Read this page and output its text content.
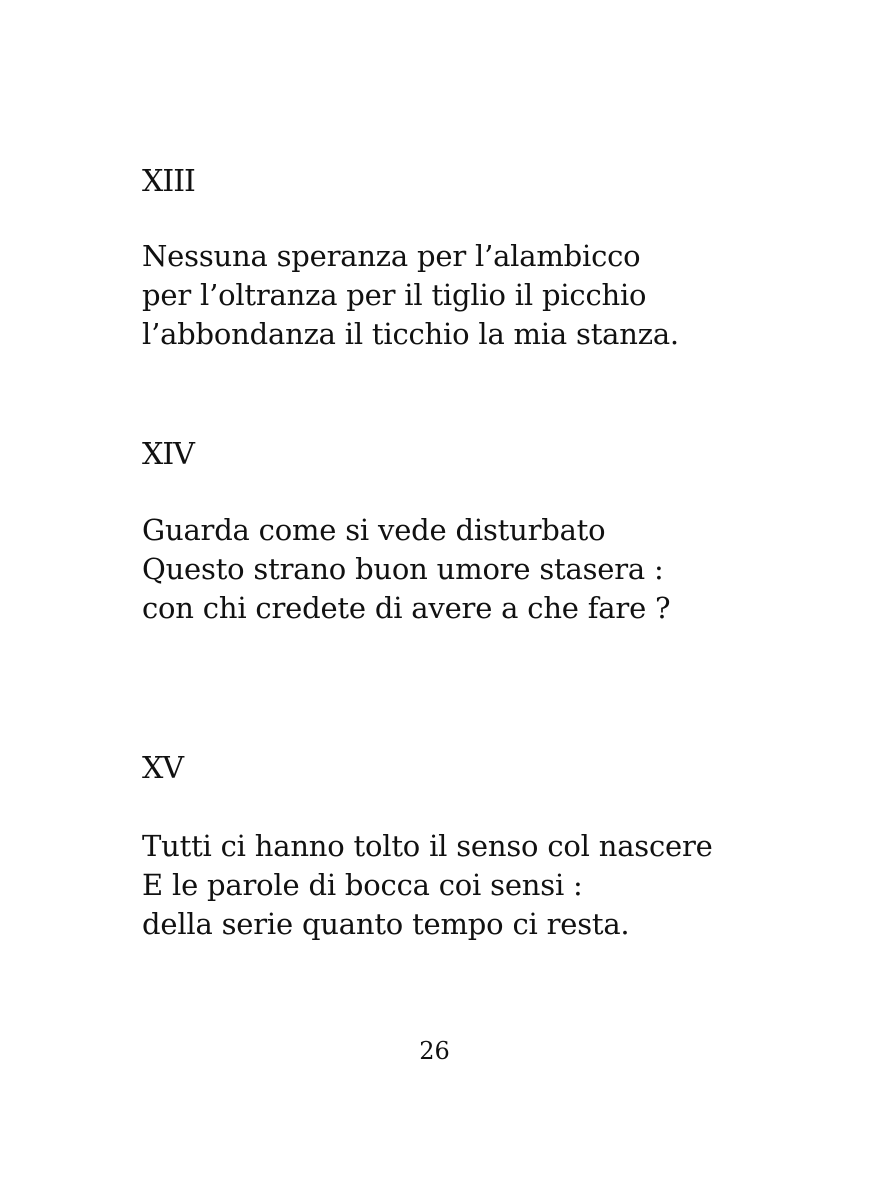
XIII

Nessuna speranza per l’alambicco
per l’oltranza per il tiglio il picchio
l’abbondanza il ticchio la mia stanza.

XIV

Guarda come si vede disturbato
Questo strano buon umore stasera :
con chi credete di avere a che fare ?

XV

Tutti ci hanno tolto il senso col nascere
E le parole di bocca coi sensi :
della serie quanto tempo ci resta.

26
